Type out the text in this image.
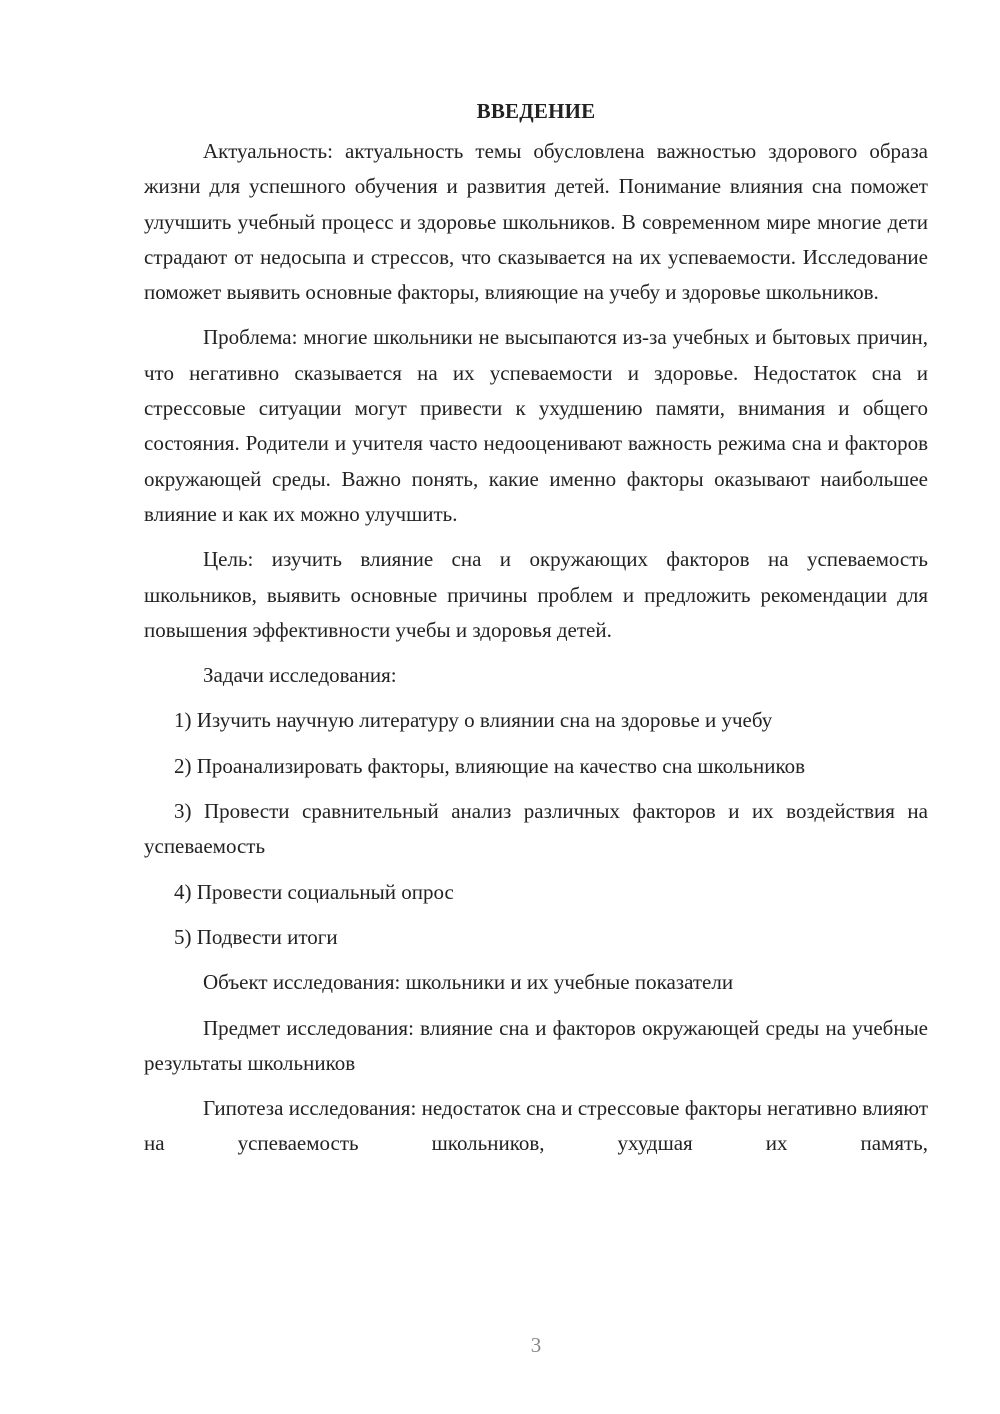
ВВЕДЕНИЕ

Актуальность: актуальность темы обусловлена важностью здорового образа жизни для успешного обучения и развития детей. Понимание влияния сна поможет улучшить учебный процесс и здоровье школьников. В современном мире многие дети страдают от недосыпа и стрессов, что сказывается на их успеваемости. Исследование поможет выявить основные факторы, влияющие на учебу и здоровье школьников.

Проблема: многие школьники не высыпаются из-за учебных и бытовых причин, что негативно сказывается на их успеваемости и здоровье. Недостаток сна и стрессовые ситуации могут привести к ухудшению памяти, внимания и общего состояния. Родители и учителя часто недооценивают важность режима сна и факторов окружающей среды. Важно понять, какие именно факторы оказывают наибольшее влияние и как их можно улучшить.

Цель: изучить влияние сна и окружающих факторов на успеваемость школьников, выявить основные причины проблем и предложить рекомендации для повышения эффективности учебы и здоровья детей.

Задачи исследования:

1) Изучить научную литературу о влиянии сна на здоровье и учебу

2) Проанализировать факторы, влияющие на качество сна школьников

3) Провести сравнительный анализ различных факторов и их воздействия на успеваемость

4) Провести социальный опрос

5) Подвести итоги

Объект исследования: школьники и их учебные показатели

Предмет исследования: влияние сна и факторов окружающей среды на учебные результаты школьников

Гипотеза исследования: недостаток сна и стрессовые факторы негативно влияют на успеваемость школьников, ухудшая их память,

3
